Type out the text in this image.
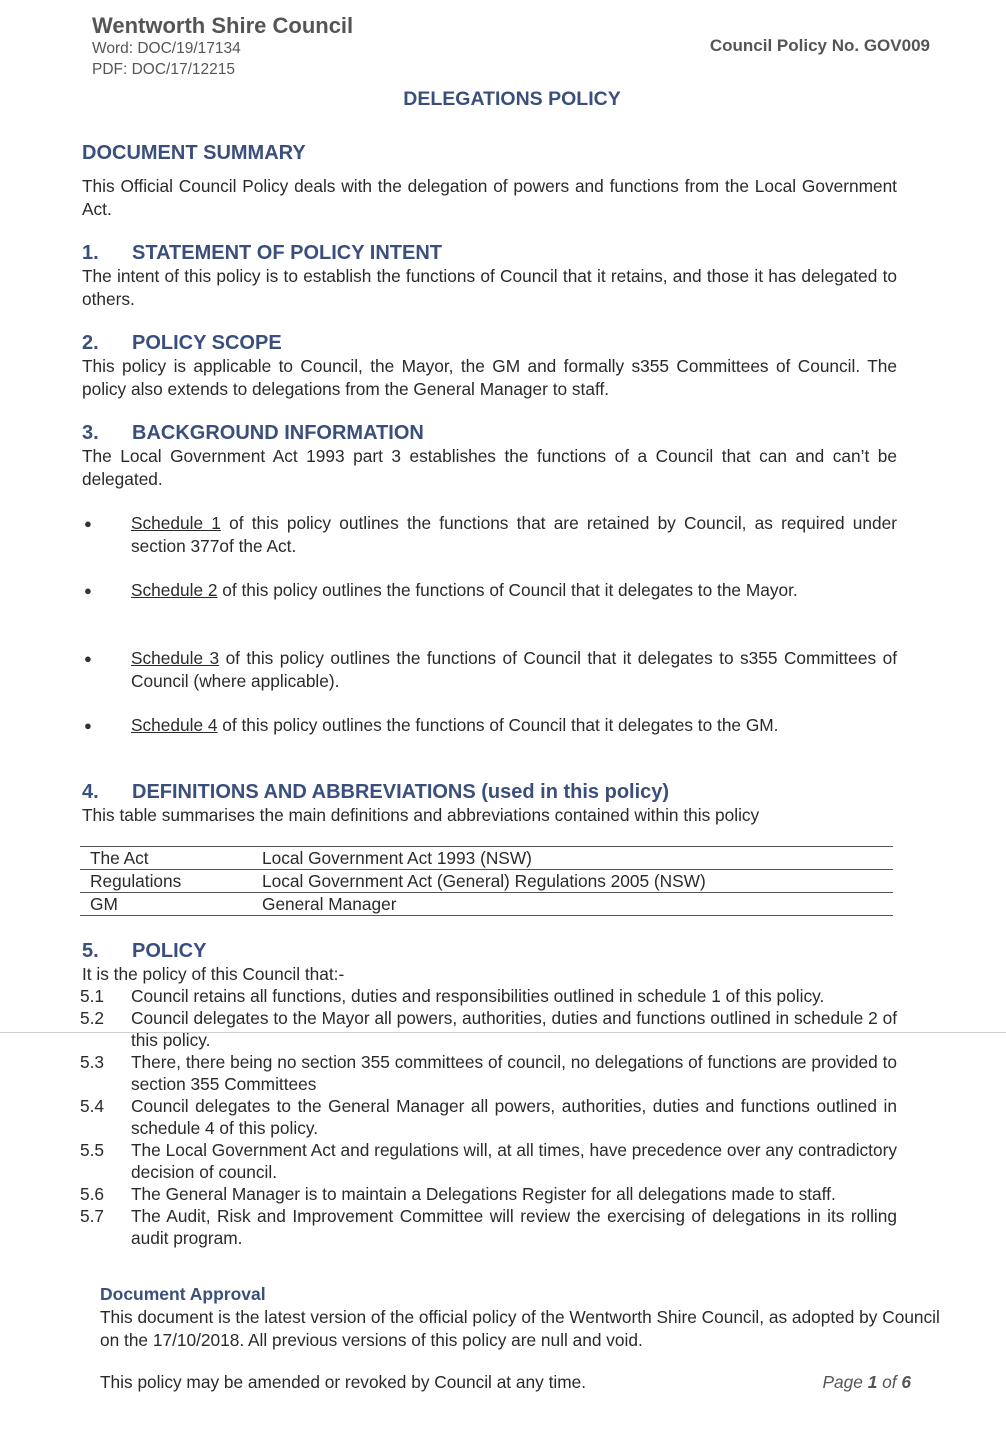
Wentworth Shire Council
Word: DOC/19/17134
PDF: DOC/17/12215
Council Policy No. GOV009
DELEGATIONS POLICY
DOCUMENT SUMMARY
This Official Council Policy deals with the delegation of powers and functions from the Local Government Act.
1. STATEMENT OF POLICY INTENT
The intent of this policy is to establish the functions of Council that it retains, and those it has delegated to others.
2. POLICY SCOPE
This policy is applicable to Council, the Mayor, the GM and formally s355 Committees of Council. The policy also extends to delegations from the General Manager to staff.
3. BACKGROUND INFORMATION
The Local Government Act 1993 part 3 establishes the functions of a Council that can and can’t be delegated.
● Schedule 1 of this policy outlines the functions that are retained by Council, as required under section 377of the Act.
● Schedule 2 of this policy outlines the functions of Council that it delegates to the Mayor.
● Schedule 3 of this policy outlines the functions of Council that it delegates to s355 Committees of Council (where applicable).
● Schedule 4 of this policy outlines the functions of Council that it delegates to the GM.
4. DEFINITIONS AND ABBREVIATIONS (used in this policy)
This table summarises the main definitions and abbreviations contained within this policy
The Act	Local Government Act 1993 (NSW)
Regulations	Local Government Act (General) Regulations 2005 (NSW)
GM	General Manager
5. POLICY
It is the policy of this Council that:-
5.1	Council retains all functions, duties and responsibilities outlined in schedule 1 of this policy.
5.2	Council delegates to the Mayor all powers, authorities, duties and functions outlined in schedule 2 of this policy.
5.3	There, there being no section 355 committees of council, no delegations of functions are provided to section 355 Committees
5.4	Council delegates to the General Manager all powers, authorities, duties and functions outlined in schedule 4 of this policy.
5.5	The Local Government Act and regulations will, at all times, have precedence over any contradictory decision of council.
5.6	The General Manager is to maintain a Delegations Register for all delegations made to staff.
5.7	The Audit, Risk and Improvement Committee will review the exercising of delegations in its rolling audit program.
Document Approval
This document is the latest version of the official policy of the Wentworth Shire Council, as adopted by Council on the 17/10/2018. All previous versions of this policy are null and void.
This policy may be amended or revoked by Council at any time.	Page 1 of 6
